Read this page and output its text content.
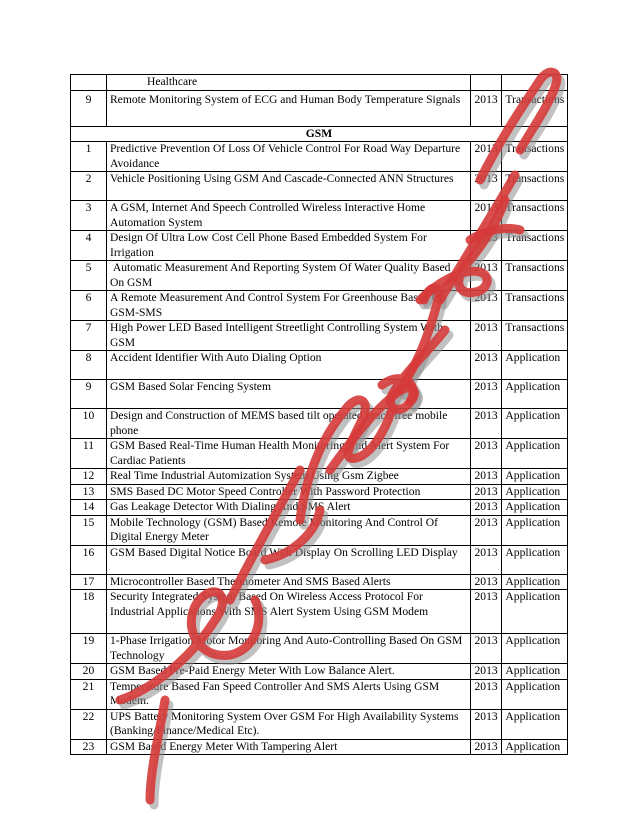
	Healthcare		
9	Remote Monitoring System of ECG and Human Body Temperature Signals	2013	Transactions
GSM			
1	Predictive Prevention Of Loss Of Vehicle Control For Road Way Departure Avoidance	2013	Transactions
2	Vehicle Positioning Using GSM And Cascade-Connected ANN Structures	2013	Transactions
3	A GSM, Internet And Speech Controlled Wireless Interactive Home Automation System	2013	Transactions
4	Design Of Ultra Low Cost Cell Phone Based Embedded System For Irrigation	2013	Transactions
5	Automatic Measurement And Reporting System Of Water Quality Based On GSM	2013	Transactions
6	A Remote Measurement And Control System For Greenhouse Based On GSM-SMS	2013	Transactions
7	High Power LED Based Intelligent Streetlight Controlling System With GSM	2013	Transactions
8	Accident Identifier With Auto Dialing Option	2013	Application
9	GSM Based Solar Fencing System	2013	Application
10	Design and Construction of MEMS based tilt operated touch free mobile phone	2013	Application
11	GSM Based Real-Time Human Health Monitoring And Alert System For Cardiac Patients	2013	Application
12	Real Time Industrial Automization System Using Gsm Zigbee	2013	Application
13	SMS Based DC Motor Speed Controller With Password Protection	2013	Application
14	Gas Leakage Detector With Dialing And SMS Alert	2013	Application
15	Mobile Technology (GSM) Based Remote Monitoring And Control Of Digital Energy Meter	2013	Application
16	GSM Based Digital Notice Board With Display On Scrolling LED Display	2013	Application
17	Microcontroller Based Thermometer And SMS Based Alerts	2013	Application
18	Security Integrated System Based On Wireless Access Protocol For Industrial Applications With SMS Alert System Using GSM Modem	2013	Application
19	1-Phase Irrigation Motor Monitoring And Auto-Controlling Based On GSM Technology	2013	Application
20	GSM Based Pre-Paid Energy Meter With Low Balance Alert.	2013	Application
21	Temperature Based Fan Speed Controller And SMS Alerts Using GSM Modem.	2013	Application
22	UPS Battery Monitoring System Over GSM For High Availability Systems (Banking/Finance/Medical Etc).	2013	Application
23	GSM Based Energy Meter With Tampering Alert	2013	Application
